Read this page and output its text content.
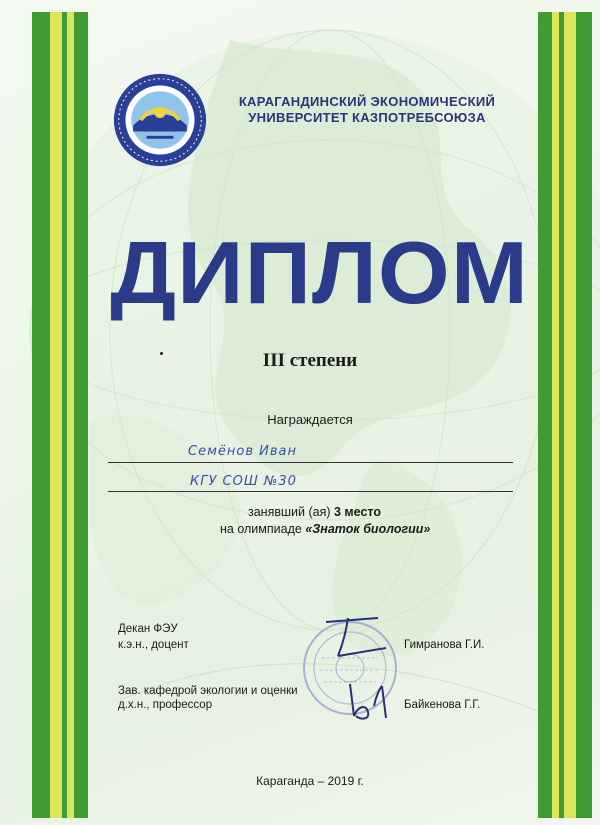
КАРАГАНДИНСКИЙ ЭКОНОМИЧЕСКИЙ
УНИВЕРСИТЕТ КАЗПОТРЕБСОЮЗА
ДИПЛОМ
III степени
Награждается
Семёнов Иван
КГУ СОШ №30
занявший (ая) 3 место
на олимпиаде «Знаток биологии»
Декан ФЭУ
к.э.н., доцент	Гимранова Г.И.
Зав. кафедрой экологии и оценки
д.х.н., профессор	Байкенова Г.Г.
Караганда – 2019 г.
